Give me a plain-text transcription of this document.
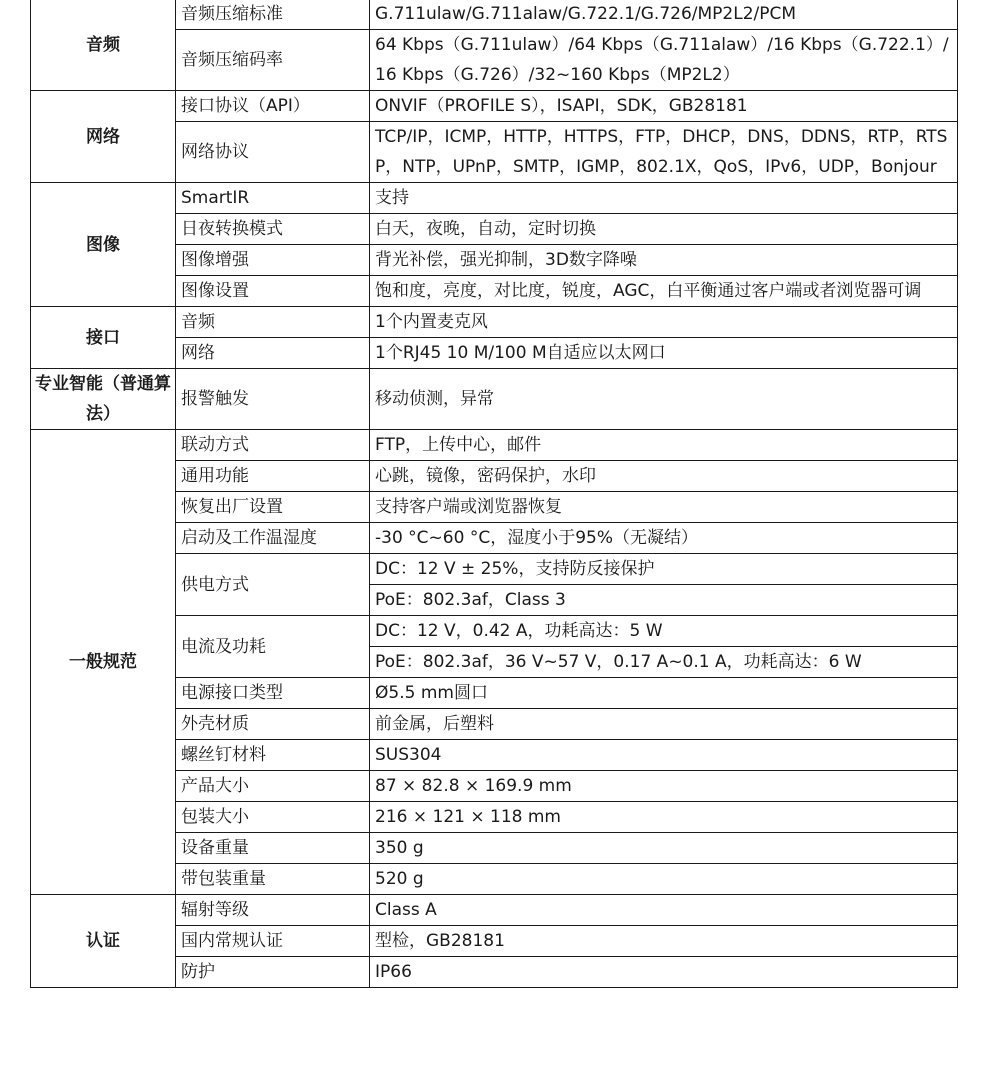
音频	音频压缩标准	G.711ulaw/G.711alaw/G.722.1/G.726/MP2L2/PCM
	音频压缩码率	64 Kbps（G.711ulaw）/64 Kbps（G.711alaw）/16 Kbps（G.722.1）/16 Kbps（G.726）/32~160 Kbps（MP2L2）
网络	接口协议（API）	ONVIF（PROFILE S），ISAPI，SDK，GB28181
	网络协议	TCP/IP，ICMP，HTTP，HTTPS，FTP，DHCP，DNS，DDNS，RTP，RTSP，NTP，UPnP，SMTP，IGMP，802.1X，QoS，IPv6，UDP，Bonjour
图像	SmartIR	支持
	日夜转换模式	白天，夜晚，自动，定时切换
	图像增强	背光补偿，强光抑制，3D数字降噪
	图像设置	饱和度，亮度，对比度，锐度，AGC，白平衡通过客户端或者浏览器可调
接口	音频	1个内置麦克风
	网络	1个RJ45 10 M/100 M自适应以太网口
专业智能（普通算法）	报警触发	移动侦测，异常
一般规范	联动方式	FTP，上传中心，邮件
	通用功能	心跳，镜像，密码保护，水印
	恢复出厂设置	支持客户端或浏览器恢复
	启动及工作温湿度	-30 °C~60 °C，湿度小于95%（无凝结）
	供电方式	DC：12 V ± 25%，支持防反接保护
		PoE：802.3af，Class 3
	电流及功耗	DC：12 V，0.42 A，功耗高达：5 W
		PoE：802.3af，36 V~57 V，0.17 A~0.1 A，功耗高达：6 W
	电源接口类型	Ø5.5 mm圆口
	外壳材质	前金属，后塑料
	螺丝钉材料	SUS304
	产品大小	87 × 82.8 × 169.9 mm
	包装大小	216 × 121 × 118 mm
	设备重量	350 g
	带包装重量	520 g
认证	辐射等级	Class A
	国内常规认证	型检，GB28181
	防护	IP66
